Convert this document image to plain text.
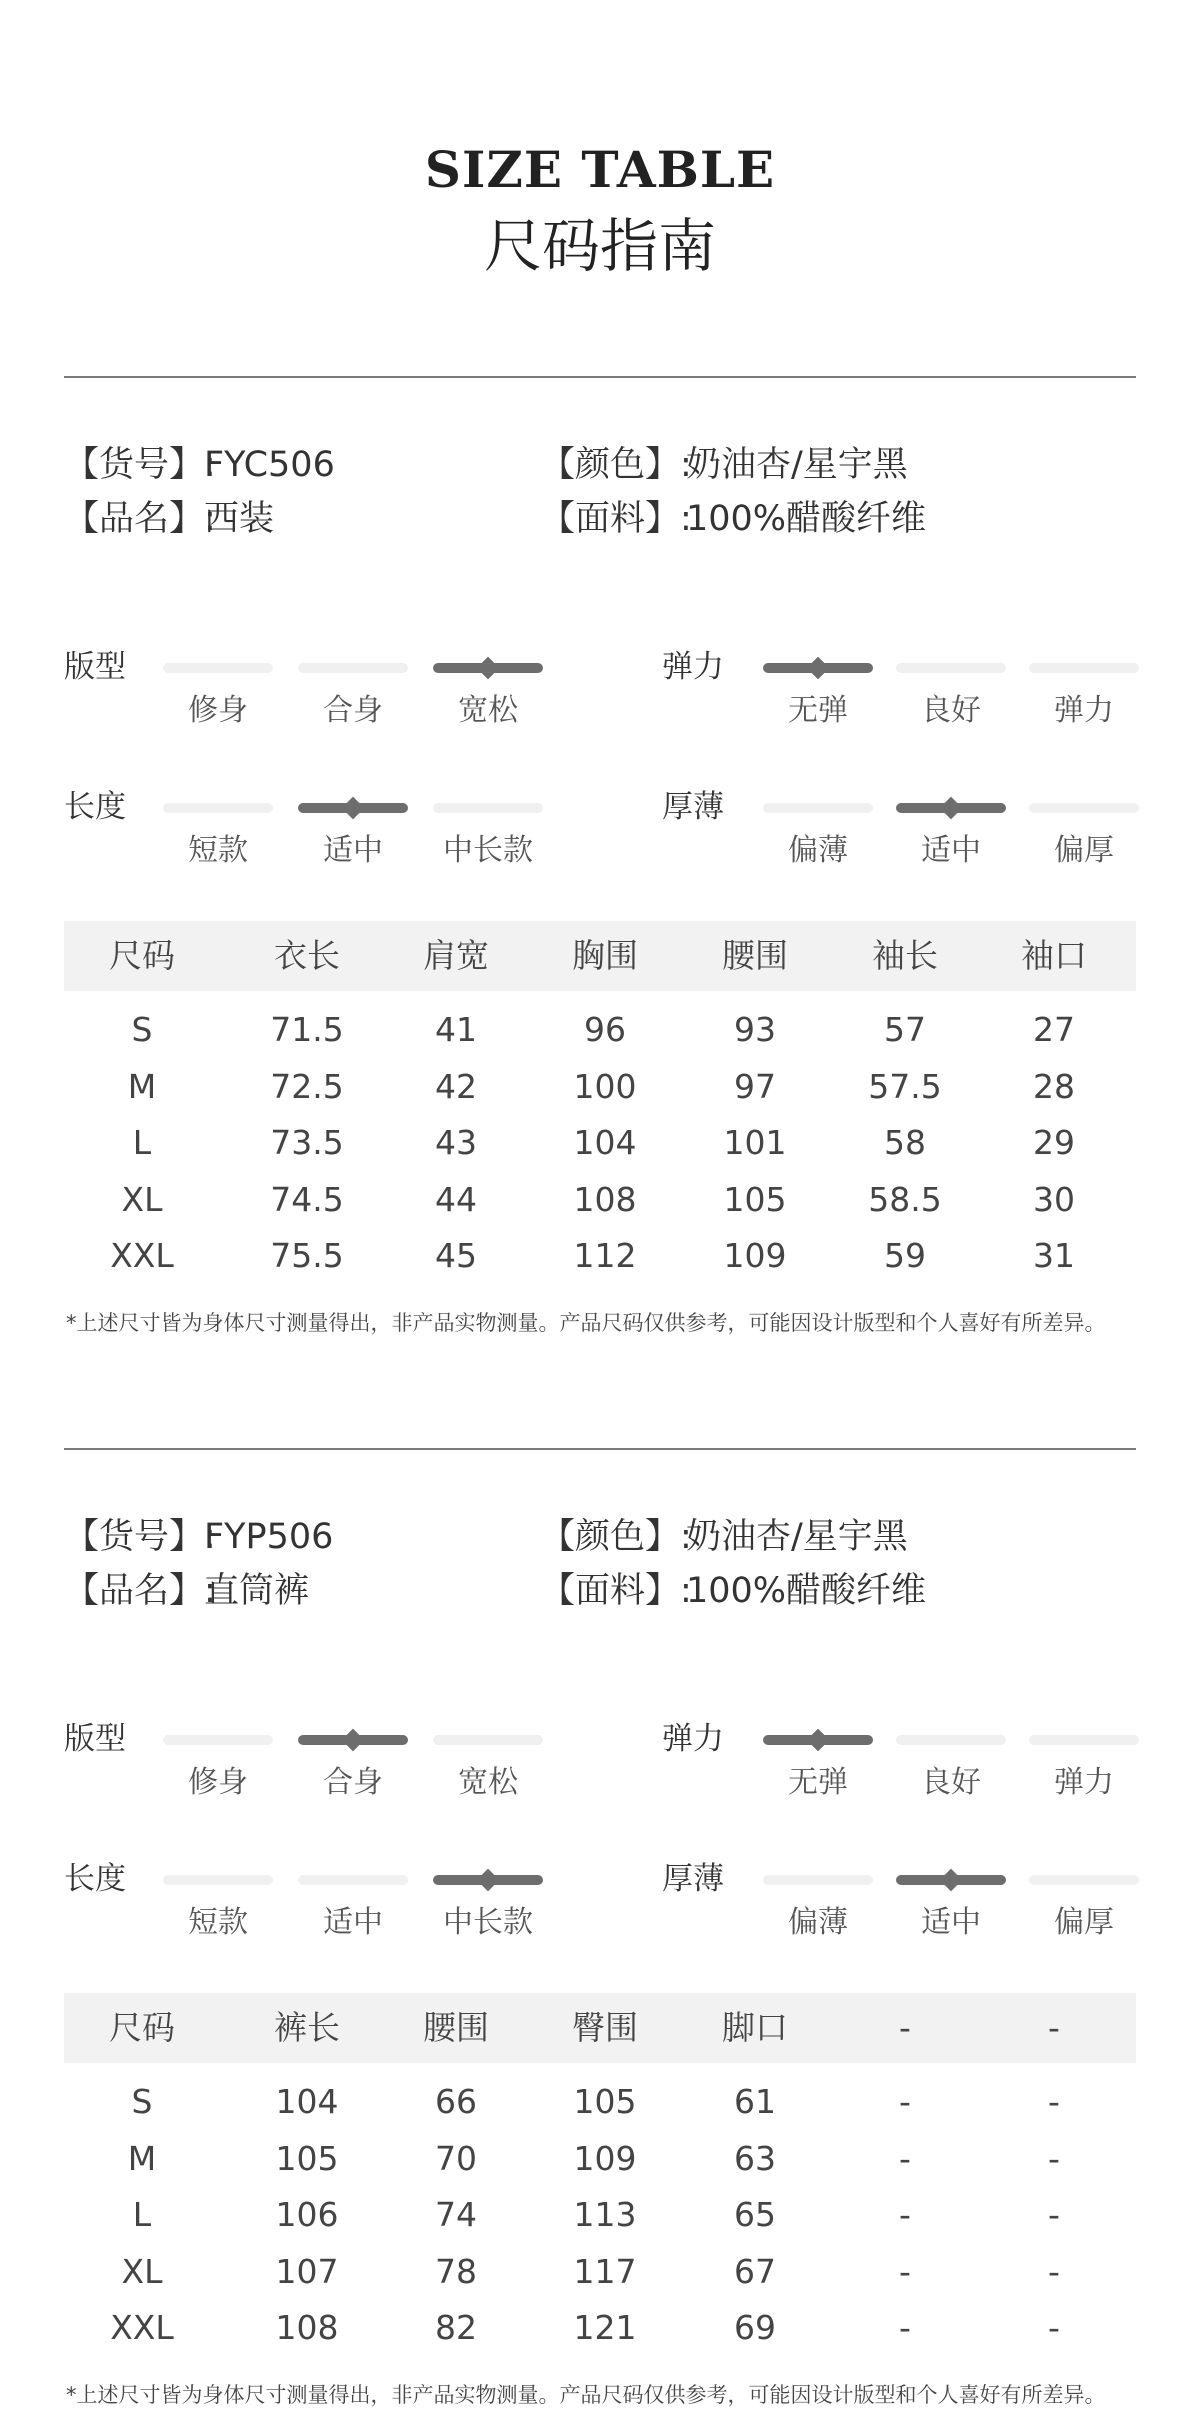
SIZE TABLE
尺码指南
【货号】:
FYC506
【品名】:
西装
【颜色】:
奶油杏/星宇黑
【面料】:
100%醋酸纤维
版型
修身	合身	宽松
弹力
无弹	良好	弹力
长度
短款	适中	中长款
厚薄
偏薄	适中	偏厚
尺码	衣长	肩宽	胸围	腰围	袖长	袖口
S	71.5	41	96	93	57	27
M	72.5	42	100	97	57.5	28
L	73.5	43	104	101	58	29
XL	74.5	44	108	105	58.5	30
XXL	75.5	45	112	109	59	31
*上述尺寸皆为身体尺寸测量得出，非产品实物测量。产品尺码仅供参考，可能因设计版型和个人喜好有所差异。
【货号】:
FYP506
【品名】:
直筒裤
【颜色】:
奶油杏/星宇黑
【面料】:
100%醋酸纤维
版型
修身	合身	宽松
弹力
无弹	良好	弹力
长度
短款	适中	中长款
厚薄
偏薄	适中	偏厚
尺码	裤长	腰围	臀围	脚口	-	-
S	104	66	105	61	-	-
M	105	70	109	63	-	-
L	106	74	113	65	-	-
XL	107	78	117	67	-	-
XXL	108	82	121	69	-	-
*上述尺寸皆为身体尺寸测量得出，非产品实物测量。产品尺码仅供参考，可能因设计版型和个人喜好有所差异。
